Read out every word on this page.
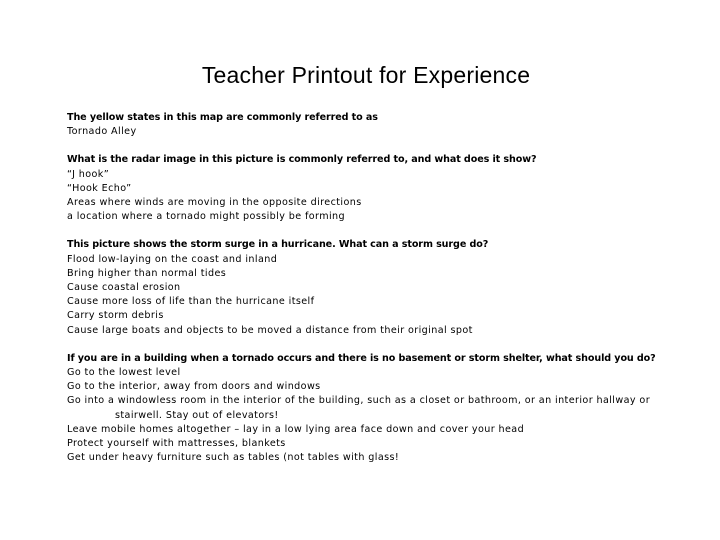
Teacher Printout for Experience
The yellow states in this map are commonly referred to as
Tornado Alley
What is the radar image in this picture is commonly referred to, and what does it show?
“J hook”
“Hook Echo”
Areas where winds are moving in the opposite directions
a location where a tornado might possibly be forming
This picture shows the storm surge in a hurricane. What can a storm surge do?
Flood low-laying on the coast and inland
Bring higher than normal tides
Cause coastal erosion
Cause more loss of life than the hurricane itself
Carry storm debris
Cause large boats and objects to be moved a distance from their original spot
If you are in a building when a tornado occurs and there is no basement or storm shelter, what should you do?
Go to the lowest level
Go to the interior, away from doors and windows
Go into a windowless room in the interior of the building, such as a closet or bathroom, or an interior hallway or
stairwell. Stay out of elevators!
Leave mobile homes altogether – lay in a low lying area face down and cover your head
Protect yourself with mattresses, blankets
Get under heavy furniture such as tables (not tables with glass!
